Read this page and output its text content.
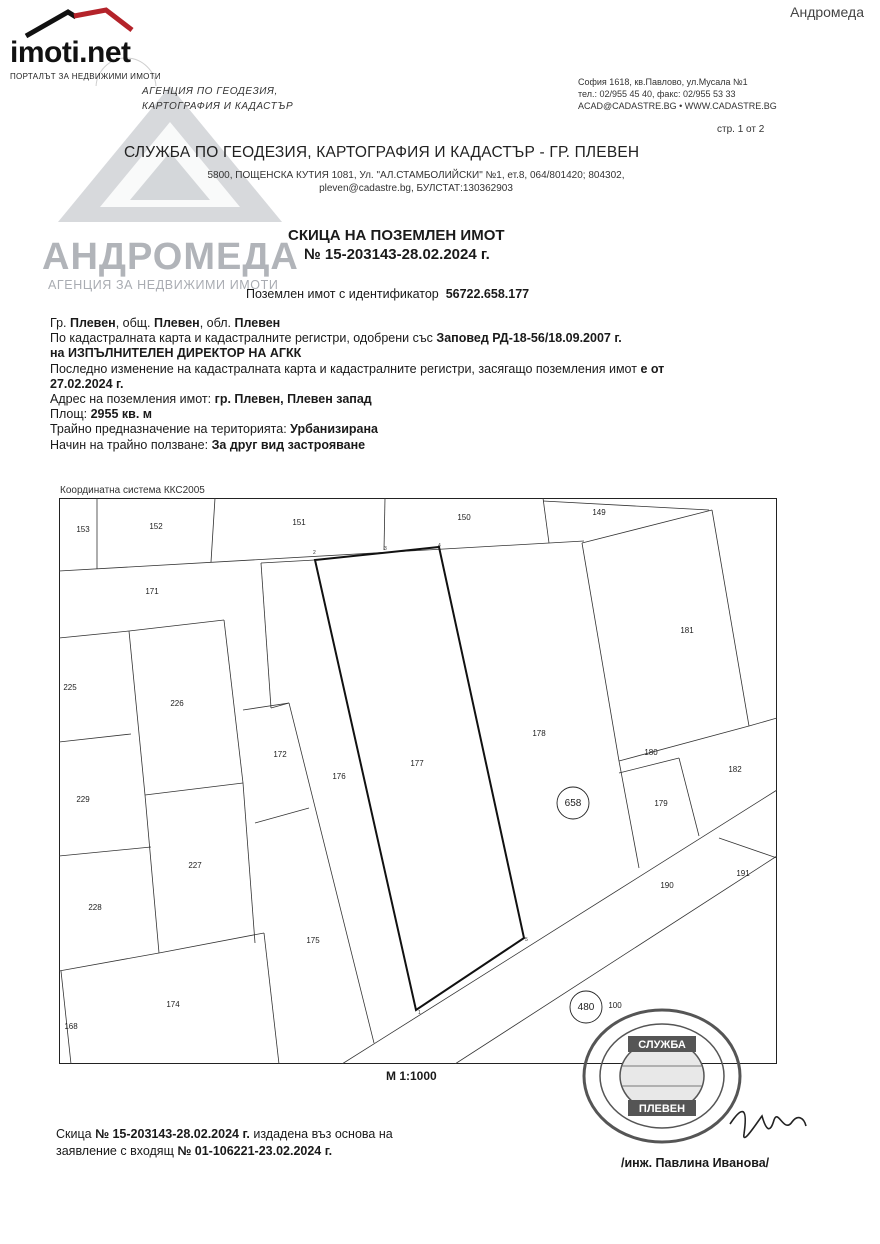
Андромеда
АНДРОМЕДА
АГЕНЦИЯ ЗА НЕДВИЖИМИ ИМОТИ
imoti.net
ПОРТАЛЪТ ЗА НЕДВИЖИМИ ИМОТИ
АГЕНЦИЯ ПО ГЕОДЕЗИЯ,
КАРТОГРАФИЯ И КАДАСТЪР
София 1618, кв.Павлово, ул.Мусала №1
тел.: 02/955 45 40, факс: 02/955 53 33
ACAD@CADASTRE.BG • WWW.CADASTRE.BG
стр. 1 от 2
СЛУЖБА ПО ГЕОДЕЗИЯ, КАРТОГРАФИЯ И КАДАСТЪР - ГР. ПЛЕВЕН
5800, ПОЩЕНСКА КУТИЯ 1081, Ул. "АЛ.СТАМБОЛИЙСКИ" №1, ет.8, 064/801420; 804302,
pleven@cadastre.bg, БУЛСТАТ:130362903
СКИЦА НА ПОЗЕМЛЕН ИМОТ
№ 15-203143-28.02.2024 г.
Поземлен имот с идентификатор 56722.658.177
Гр. Плевен, общ. Плевен, обл. Плевен
По кадастралната карта и кадастралните регистри, одобрени със Заповед РД-18-56/18.09.2007 г.
на ИЗПЪЛНИТЕЛЕН ДИРЕКТОР НА АГКК
Последно изменение на кадастралната карта и кадастралните регистри, засягащо поземления имот е от
27.02.2024 г.
Адрес на поземления имот: гр. Плевен, Плевен запад
Площ: 2955 кв. м
Трайно предназначение на територията: Урбанизирана
Начин на трайно ползване: За друг вид застрояване
Координатна система ККС2005
153	152	151
150
149
171
181
225
226
172
176
177
178
180
182
229	179
227
190
191
228
175
174
168
100
658
480
1
2
3	4
5
М 1:1000
СЛУЖБА
ПЛЕВЕН
Скица № 15-203143-28.02.2024 г. издадена въз основа на
заявление с входящ № 01-106221-23.02.2024 г.
/инж. Павлина Иванова/
